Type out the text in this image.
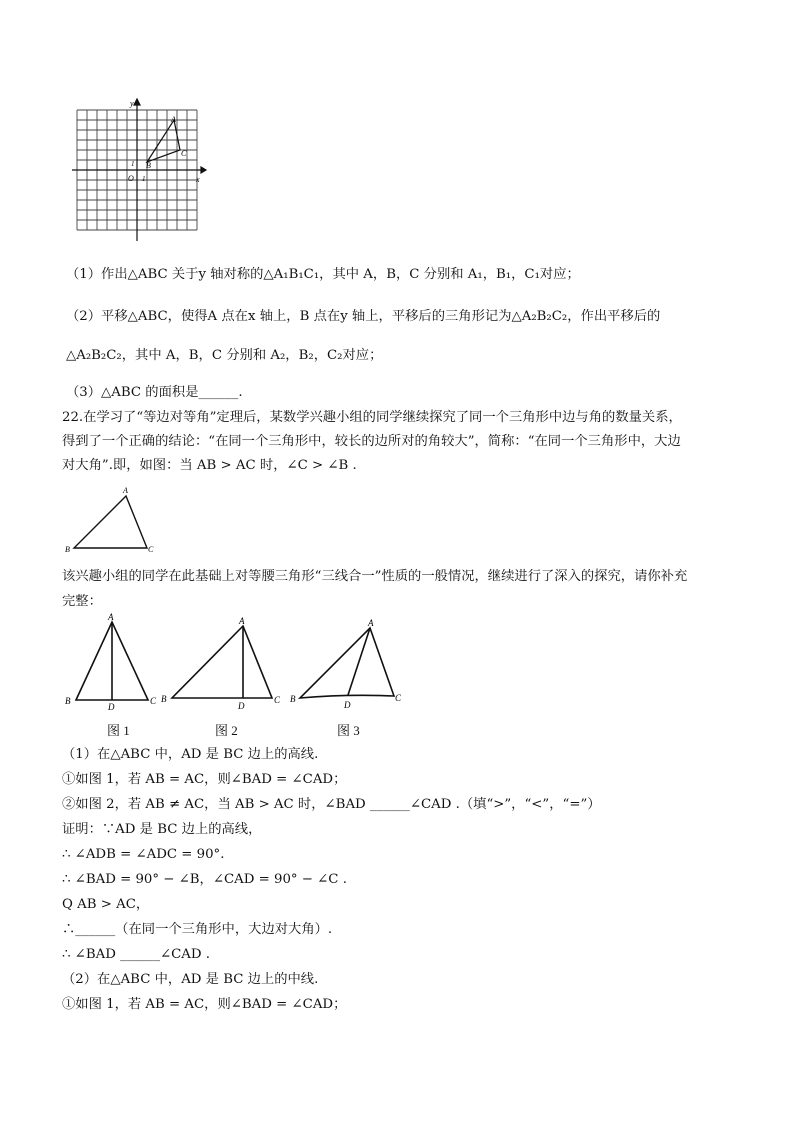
y
x
O 1
1
A
B
C
（1）作出△ABC 关于y 轴对称的△A₁B₁C₁，其中 A，B，C 分别和 A₁，B₁，C₁对应；
（2）平移△ABC，使得A 点在x 轴上，B 点在y 轴上，平移后的三角形记为△A₂B₂C₂，作出平移后的
△A₂B₂C₂，其中 A，B，C 分别和 A₂，B₂，C₂对应；
（3）△ABC 的面积是______.
22.在学习了“等边对等角”定理后，某数学兴趣小组的同学继续探究了同一个三角形中边与角的数量关系，
得到了一个正确的结论：“在同一个三角形中，较长的边所对的角较大”，简称：“在同一个三角形中，大边
对大角”.即，如图：当 AB > AC 时，∠C > ∠B .
A
B	C
该兴趣小组的同学在此基础上对等腰三角形“三线合一”性质的一般情况，继续进行了深入的探究，请你补充
完整：
A
B	C
D
图 1
A
B	C
D
图 2
A
B	C
D
图 3
（1）在△ABC 中，AD 是 BC 边上的高线.
①如图 1，若 AB = AC，则∠BAD = ∠CAD；
②如图 2，若 AB ≠ AC，当 AB > AC 时，∠BAD ______∠CAD .（填“>”，“<”，“=”）
证明：∵AD 是 BC 边上的高线，
∴ ∠ADB = ∠ADC = 90°.
∴ ∠BAD = 90° − ∠B，∠CAD = 90° − ∠C .
Q AB > AC，
∴______（在同一个三角形中，大边对大角）.
∴ ∠BAD ______∠CAD .
（2）在△ABC 中，AD 是 BC 边上的中线.
①如图 1，若 AB = AC，则∠BAD = ∠CAD；
